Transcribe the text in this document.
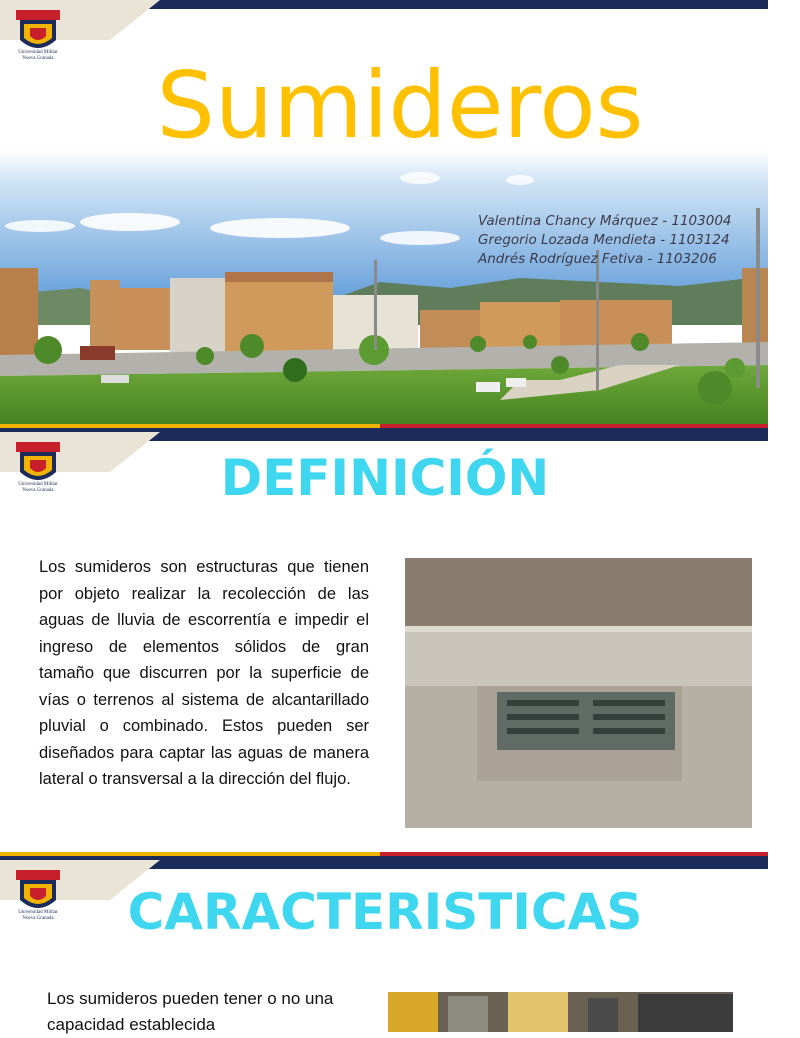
Universidad Militar
Nueva Granada	Sumideros
Valentina Chancy Márquez - 1103004
Gregorio Lozada Mendieta - 1103124
Andrés Rodríguez Fetiva - 1103206
Universidad Militar
Nueva Granada	DEFINICIÓN
Los sumideros son estructuras que tienen por objeto realizar la recolección de las aguas de lluvia de escorrentía e impedir el ingreso de elementos sólidos de gran tamaño que discurren por la superficie de vías o terrenos al sistema de alcantarillado pluvial o combinado. Estos pueden ser diseñados para captar las aguas de manera lateral o transversal a la dirección del flujo.
Universidad Militar
Nueva Granada	CARACTERISTICAS
Los sumideros pueden tener o no una capacidad establecida
